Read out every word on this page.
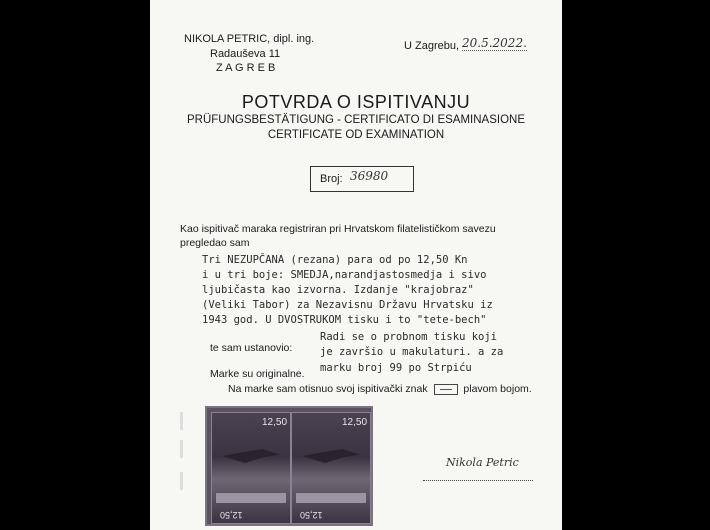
NIKOLA PETRIC, dipl. ing.
Radauševa 11
Z A G R E B
U Zagrebu, 20.5.2022.
POTVRDA O ISPITIVANJU
PRÜFUNGSBESTÄTIGUNG - CERTIFICATO DI ESAMINASIONE
CERTIFICATE OD EXAMINATION
Broj: 36980
Kao ispitivač maraka registriran pri Hrvatskom filatelističkom savezu
pregledao sam
Tri NEZUPČANA (rezana) para od po 12,50 Kn
i u tri boje: SMEDJA,narandjastosmedja i sivo
ljubičasta kao izvorna. Izdanje "krajobraz"
(Veliki Tabor) za Nezavisnu Državu Hrvatsku iz
1943 god. U DVOSTRUKOM tisku i to "tete-bech"
te sam ustanovio:
Radi se o probnom tisku koji
je završio u makulaturi. a za
Marke su originalne. marku broj 99 po Strpiću
Na marke sam otisnuo svoj ispitivački znak	plavom bojom.
12,50
12,50
12,50
12,50
Nikola Petric
